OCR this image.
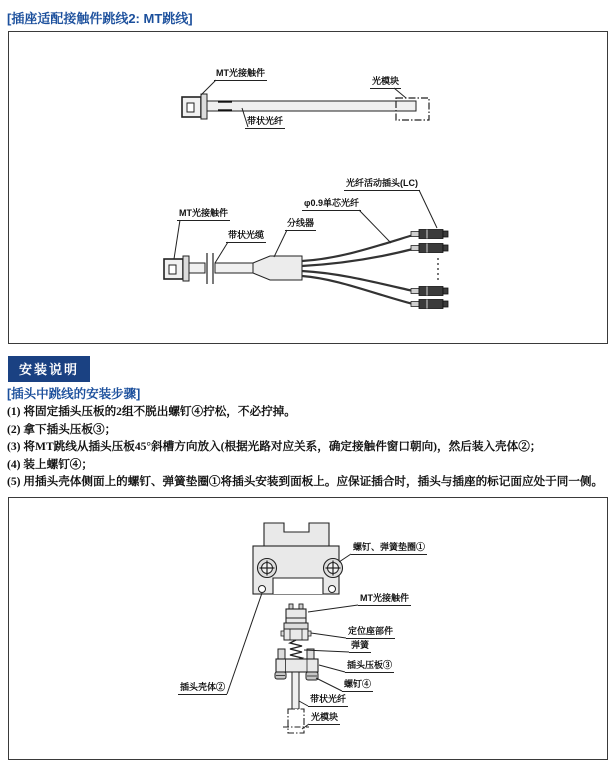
[插座适配接触件跳线2: MT跳线]
MT光接触件
光模块
带状光纤
MT光接触件
带状光缆
分线器
φ0.9单芯光纤
光纤活动插头(LC)
安装说明
[插头中跳线的安装步骤]

(1) 将固定插头压板的2组不脱出螺钉④拧松，不必拧掉。

(2) 拿下插头压板③；

(3) 将MT跳线从插头压板45°斜槽方向放入(根据光路对应关系，确定接触件窗口朝向)，然后装入壳体②；

(4) 装上螺钉④；

(5) 用插头壳体侧面上的螺钉、弹簧垫圈①将插头安装到面板上。应保证插合时，插头与插座的标记面应处于同一侧。

螺钉、弹簧垫圈①
MT光接触件
定位座部件
弹簧
插头压板③
螺钉④
带状光纤
光模块
插头壳体②
